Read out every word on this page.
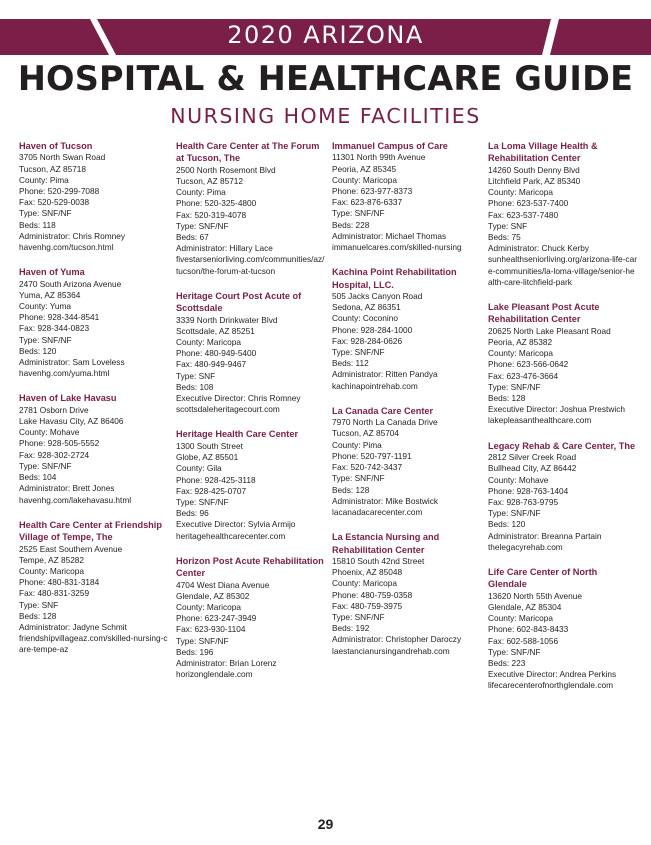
2020 ARIZONA
HOSPITAL & HEALTHCARE GUIDE
NURSING HOME FACILITIES
Haven of Tucson
3705 North Swan Road
Tucson, AZ 85718
County: Pima
Phone: 520-299-7088
Fax: 520-529-0038
Type: SNF/NF
Beds: 118
Administrator: Chris Romney
havenhg.com/tucson.html
Haven of Yuma
2470 South Arizona Avenue
Yuma, AZ 85364
County: Yuma
Phone: 928-344-8541
Fax: 928-344-0823
Type: SNF/NF
Beds: 120
Administrator: Sam Loveless
havenhg.com/yuma.html
Haven of Lake Havasu
2781 Osborn Drive
Lake Havasu City, AZ 86406
County: Mohave
Phone: 928-505-5552
Fax: 928-302-2724
Type: SNF/NF
Beds: 104
Administrator: Brett Jones
havenhg.com/lakehavasu.html
Health Care Center at Friendship Village of Tempe, The
2525 East Southern Avenue
Tempe, AZ 85282
County: Maricopa
Phone: 480-831-3184
Fax: 480-831-3259
Type: SNF
Beds: 128
Administrator: Jadyne Schmit
friendshipvillageaz.com/skilled-nursing-care-tempe-az
Health Care Center at The Forum at Tucson, The
2500 North Rosemont Blvd
Tucson, AZ 85712
County: Pima
Phone: 520-325-4800
Fax: 520-319-4078
Type: SNF/NF
Beds: 67
Administrator: Hillary Lace
fivestarseniorliving.com/communities/az/tucson/the-forum-at-tucson
Heritage Court Post Acute of Scottsdale
3339 North Drinkwater Blvd
Scottsdale, AZ 85251
County: Maricopa
Phone: 480-949-5400
Fax: 480-949-9467
Type: SNF
Beds: 108
Executive Director: Chris Romney
scottsdaleheritagecourt.com
Heritage Health Care Center
1300 South Street
Globe, AZ 85501
County: Gila
Phone: 928-425-3118
Fax: 928-425-0707
Type: SNF/NF
Beds: 96
Executive Director: Sylvia Armijo
heritagehealthcarecenter.com
Horizon Post Acute Rehabilitation Center
4704 West Diana Avenue
Glendale, AZ 85302
County: Maricopa
Phone: 623-247-3949
Fax: 623-930-1104
Type: SNF/NF
Beds: 196
Administrator: Brian Lorenz
horizonglendale.com
Immanuel Campus of Care
11301 North 99th Avenue
Peoria, AZ 85345
County: Maricopa
Phone: 623-977-8373
Fax: 623-876-6337
Type: SNF/NF
Beds: 228
Administrator: Michael Thomas
immanuelcares.com/skilled-nursing
Kachina Point Rehabilitation Hospital, LLC.
505 Jacks Canyon Road
Sedona, AZ 86351
County: Coconino
Phone: 928-284-1000
Fax: 928-284-0626
Type: SNF/NF
Beds: 112
Administrator: Ritten Pandya
kachinapointrehab.com
La Canada Care Center
7970 North La Canada Drive
Tucson, AZ 85704
County: Pima
Phone: 520-797-1191
Fax: 520-742-3437
Type: SNF/NF
Beds: 128
Administrator: Mike Bostwick
lacanadacarecenter.com
La Estancia Nursing and Rehabilitation Center
15810 South 42nd Street
Phoenix, AZ 85048
County: Maricopa
Phone: 480-759-0358
Fax: 480-759-3975
Type: SNF/NF
Beds: 192
Administrator: Christopher Daroczy
laestancianursingandrehab.com
La Loma Village Health & Rehabilitation Center
14260 South Denny Blvd
Litchfield Park, AZ 85340
County: Maricopa
Phone: 623-537-7400
Fax: 623-537-7480
Type: SNF
Beds: 75
Administrator: Chuck Kerby
sunhealthseniorliving.org/arizona-life-care-communities/la-loma-village/senior-health-care-litchfield-park
Lake Pleasant Post Acute Rehabilitation Center
20625 North Lake Pleasant Road
Peoria, AZ 85382
County: Maricopa
Phone: 623-566-0642
Fax: 623-476-3664
Type: SNF/NF
Beds: 128
Executive Director: Joshua Prestwich
lakepleasanthealthcare.com
Legacy Rehab & Care Center, The
2812 Silver Creek Road
Bullhead City, AZ 86442
County: Mohave
Phone: 928-763-1404
Fax: 928-763-9795
Type: SNF/NF
Beds: 120
Administrator: Breanna Partain
thelegacyrehab.com
Life Care Center of North Glendale
13620 North 55th Avenue
Glendale, AZ 85304
County: Maricopa
Phone: 602-843-8433
Fax: 602-588-1056
Type: SNF/NF
Beds: 223
Executive Director: Andrea Perkins
lifecarecenterofnorthglendale.com
29
